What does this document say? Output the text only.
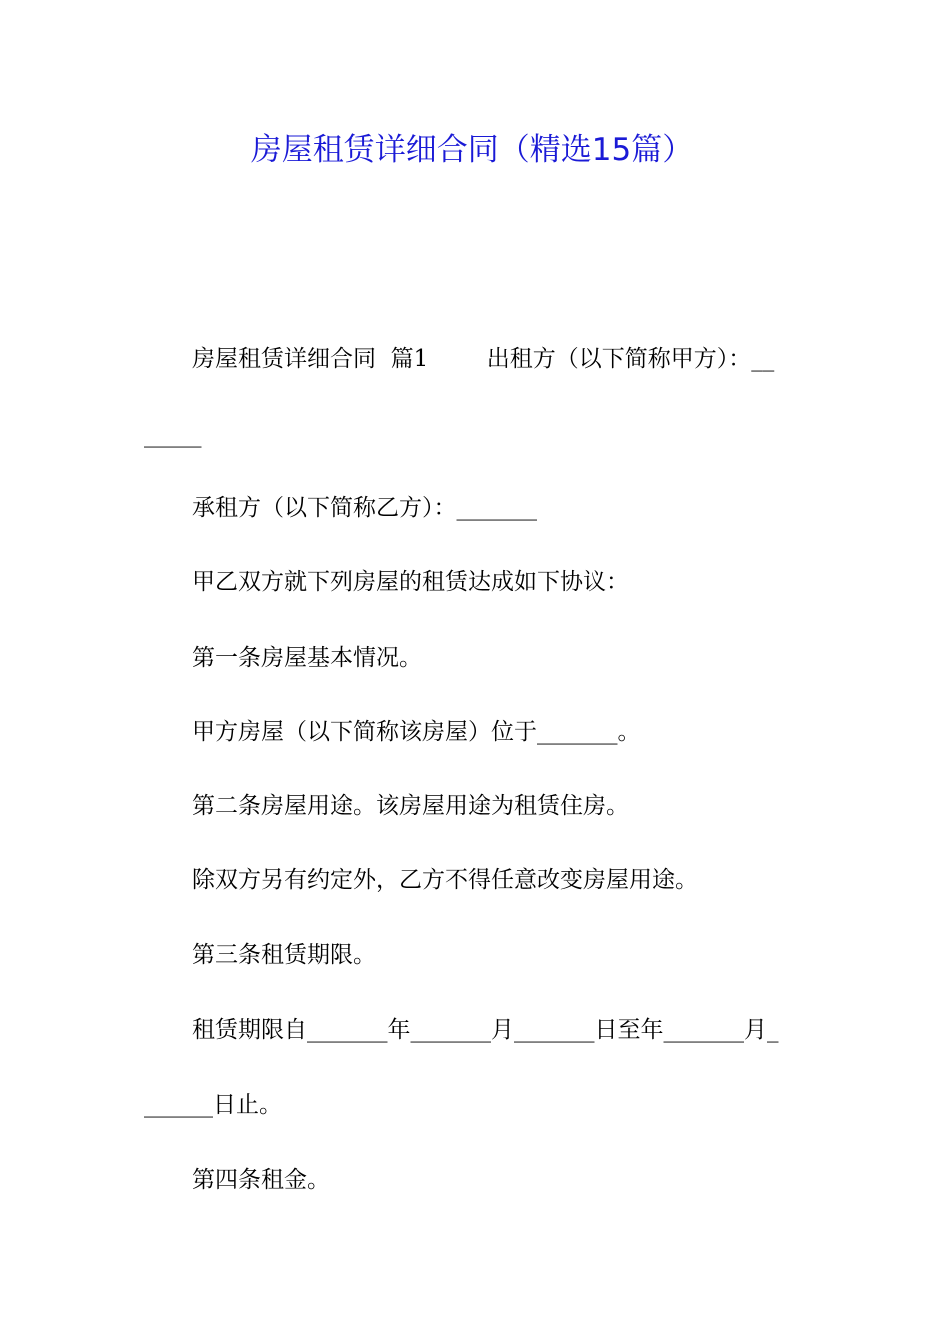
房屋租赁详细合同（精选15篇）
房屋租赁详细合同  篇1        出租方（以下简称甲方）：__
_____
承租方（以下简称乙方）：_______
甲乙双方就下列房屋的租赁达成如下协议：
第一条房屋基本情况。
甲方房屋（以下简称该房屋）位于_______。
第二条房屋用途。该房屋用途为租赁住房。
除双方另有约定外，乙方不得任意改变房屋用途。
第三条租赁期限。
租赁期限自_______年_______月_______日至年_______月_
______日止。
第四条租金。
